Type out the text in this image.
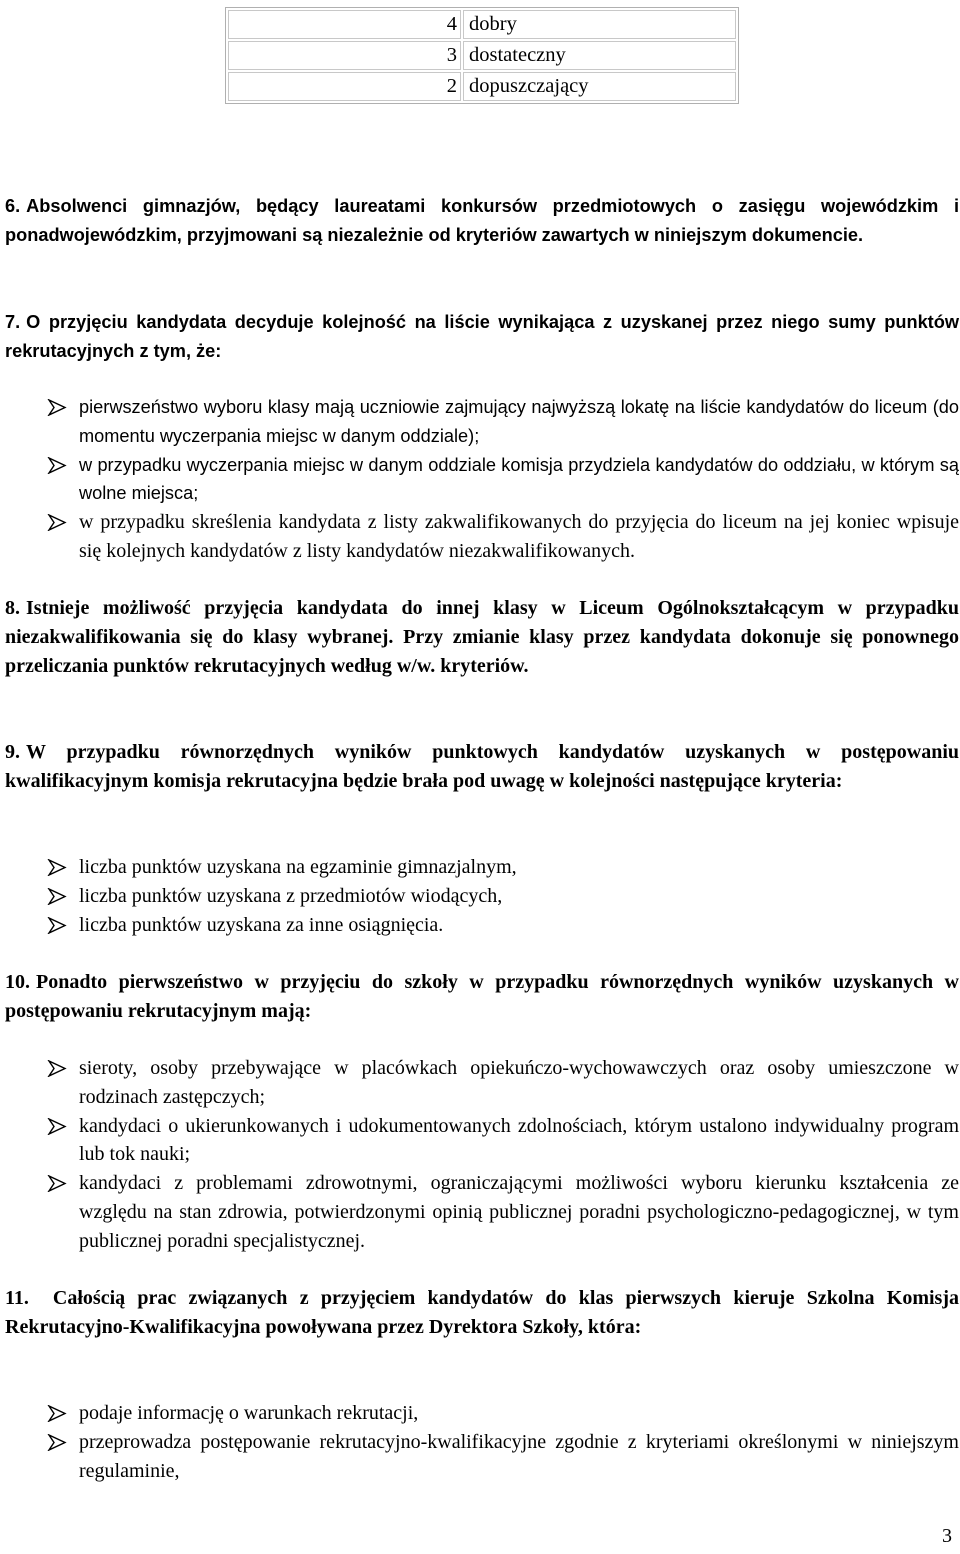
4	dobry
3	dostateczny
2	dopuszczający

6. Absolwenci gimnazjów, będący laureatami konkursów przedmiotowych o zasięgu wojewódzkim i ponadwojewódzkim, przyjmowani są niezależnie od kryteriów zawartych w niniejszym dokumencie.

7. O przyjęciu kandydata decyduje kolejność na liście wynikająca z uzyskanej przez niego sumy punktów rekrutacyjnych z tym, że:

pierwszeństwo wyboru klasy mają uczniowie zajmujący najwyższą lokatę na liście kandydatów do liceum (do momentu wyczerpania miejsc w danym oddziale);
w przypadku wyczerpania miejsc w danym oddziale komisja przydziela kandydatów do oddziału, w którym są wolne miejsca;
w przypadku skreślenia kandydata z listy zakwalifikowanych do przyjęcia do liceum na jej koniec wpisuje się kolejnych kandydatów z listy kandydatów niezakwalifikowanych.

8. Istnieje możliwość przyjęcia kandydata do innej klasy w Liceum Ogólnokształcącym w przypadku niezakwalifikowania się do klasy wybranej. Przy zmianie klasy przez kandydata dokonuje się ponownego przeliczania punktów rekrutacyjnych według w/w. kryteriów.

9. W przypadku równorzędnych wyników punktowych kandydatów uzyskanych w postępowaniu kwalifikacyjnym komisja rekrutacyjna będzie brała pod uwagę w kolejności następujące kryteria:

liczba punktów uzyskana na egzaminie gimnazjalnym,
liczba punktów uzyskana z przedmiotów wiodących,
liczba punktów uzyskana za inne osiągnięcia.

10. Ponadto pierwszeństwo w przyjęciu do szkoły w przypadku równorzędnych wyników uzyskanych w postępowaniu rekrutacyjnym mają:

sieroty, osoby przebywające w placówkach opiekuńczo-wychowawczych oraz osoby umieszczone w rodzinach zastępczych;
kandydaci o ukierunkowanych i udokumentowanych zdolnościach, którym ustalono indywidualny program lub tok nauki;
kandydaci z problemami zdrowotnymi, ograniczającymi możliwości wyboru kierunku kształcenia ze względu na stan zdrowia, potwierdzonymi opinią publicznej poradni psychologiczno-pedagogicznej, w tym publicznej poradni specjalistycznej.

11. Całością prac związanych z przyjęciem kandydatów do klas pierwszych kieruje Szkolna Komisja Rekrutacyjno-Kwalifikacyjna powoływana przez Dyrektora Szkoły, która:

podaje informację o warunkach rekrutacji,
przeprowadza postępowanie rekrutacyjno-kwalifikacyjne zgodnie z kryteriami określonymi w niniejszym regulaminie,
3
